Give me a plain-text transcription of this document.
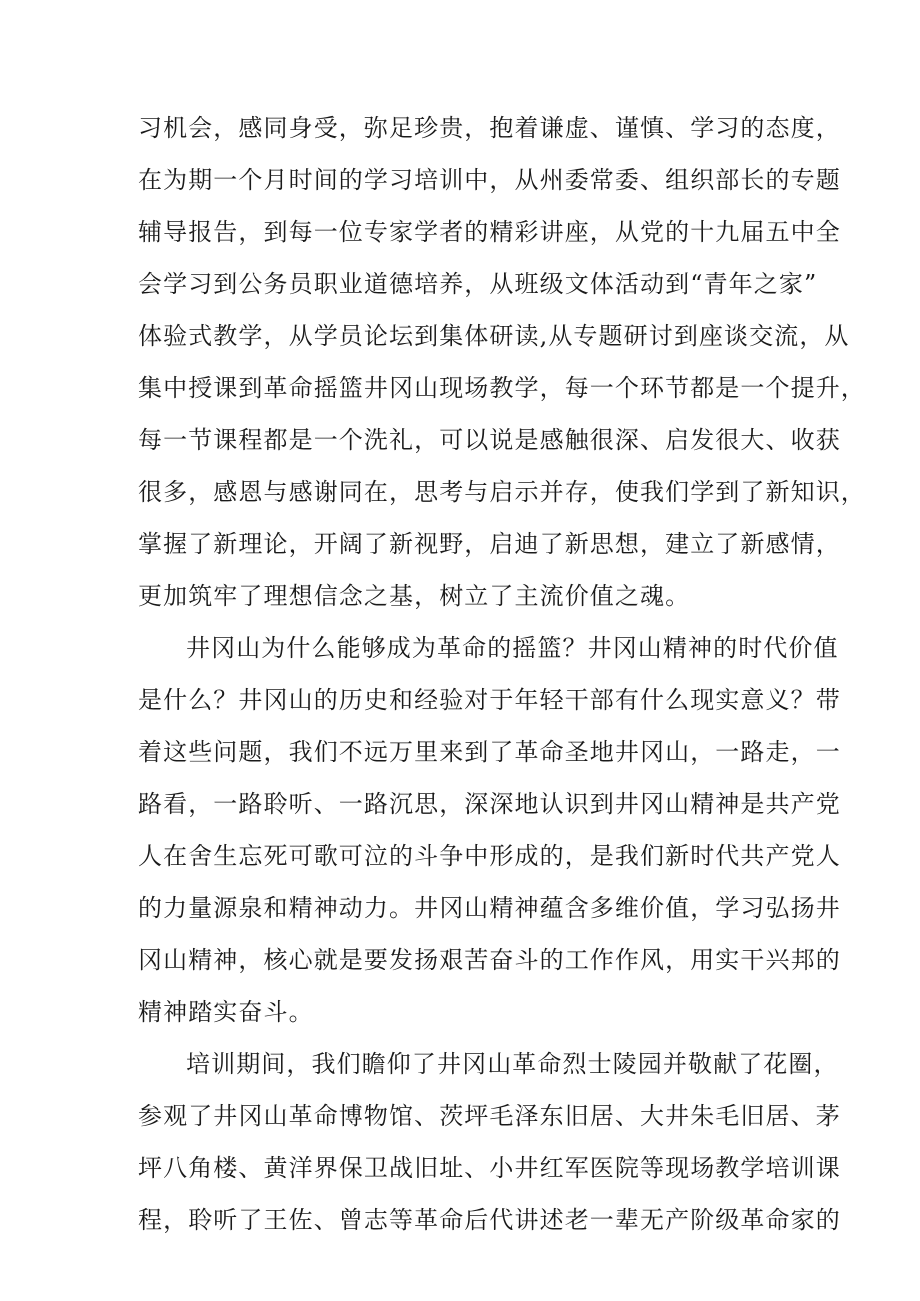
习机会，感同身受，弥足珍贵，抱着谦虚、谨慎、学习的态度，
在为期一个月时间的学习培训中，从州委常委、组织部长的专题
辅导报告，到每一位专家学者的精彩讲座，从党的十九届五中全
会学习到公务员职业道德培养，从班级文体活动到“青年之家”
体验式教学，从学员论坛到集体研读,从专题研讨到座谈交流，从
集中授课到革命摇篮井冈山现场教学，每一个环节都是一个提升，
每一节课程都是一个洗礼，可以说是感触很深、启发很大、收获
很多，感恩与感谢同在，思考与启示并存，使我们学到了新知识，
掌握了新理论，开阔了新视野，启迪了新思想，建立了新感情，
更加筑牢了理想信念之基，树立了主流价值之魂。
井冈山为什么能够成为革命的摇篮？井冈山精神的时代价值
是什么？井冈山的历史和经验对于年轻干部有什么现实意义？带
着这些问题，我们不远万里来到了革命圣地井冈山，一路走，一
路看，一路聆听、一路沉思，深深地认识到井冈山精神是共产党
人在舍生忘死可歌可泣的斗争中形成的，是我们新时代共产党人
的力量源泉和精神动力。井冈山精神蕴含多维价值，学习弘扬井
冈山精神，核心就是要发扬艰苦奋斗的工作作风，用实干兴邦的
精神踏实奋斗。
培训期间，我们瞻仰了井冈山革命烈士陵园并敬献了花圈，
参观了井冈山革命博物馆、茨坪毛泽东旧居、大井朱毛旧居、茅
坪八角楼、黄洋界保卫战旧址、小井红军医院等现场教学培训课
程，聆听了王佐、曾志等革命后代讲述老一辈无产阶级革命家的
